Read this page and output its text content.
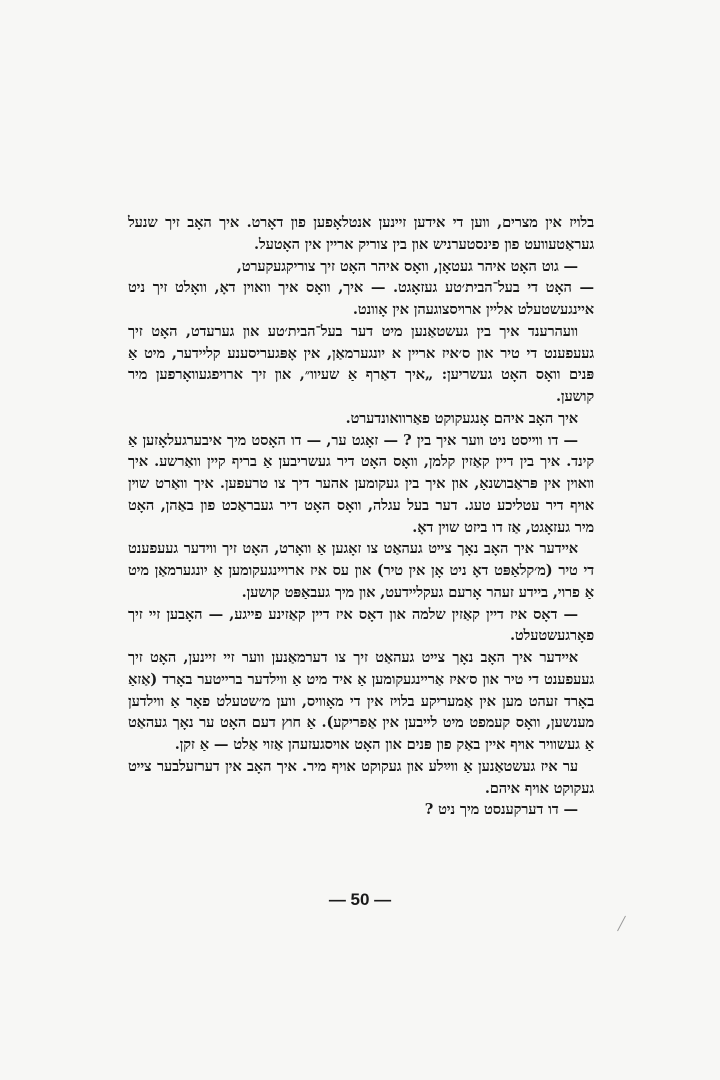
בלויז אין מצרים, ווען די אידען זיינען אנטלאָפען פון דאָרט. איך האָב זיך שנעל געראַטעוועט פון פינסטערניש און בין צוריק אריין אין האָטעל.

— גוט האָט איהר געטאָן, וואָס איהר האָט זיך צוריקגעקערט,

— האָט די בעל־הבית׳טע געזאָגט. — איך, וואָס איך וואוין דאָ, וואָלט זיך ניט איינגעשטעלט אליין ארויסצוגעהן אין אָוונט.

וועהרענד איך בין געשטאַנען מיט דער בעל־הבית׳טע און גערעדט, האָט זיך געעפענט די טיר און ס׳איז אריין א יונגערמאַן, אין אָפּגעריסענע קלײדער, מיט אַ פּנים וואָס האָט געשריען: „איך דאַרף אַ שעיוו״, און זיך ארויפגעוואָרפען מיר קושען.

איך האָב איהם אָנגעקוקט פאַרוואונדערט.

— דו ווייסט ניט ווער איך בין ? — זאָגט ער, — דו האָסט מיך איבערגעלאָזען אַ קינד. איך בין דיין קאַזין קלמן, וואָס האָט דיר געשריבען אַ בריף קיין וואַרשע. איך וואוין אין פּראַבושנאַ, און איך בין געקומען אהער דיך צו טרעפען. איך וואַרט שוין אויף דיר עטליכע טעג. דער בעל עגלה, וואָס האָט דיר געבראַכט פון באַהן, האָט מיר געזאָגט, אַז דו ביזט שוין דאָ.

אײדער איך האָב נאָך צייט געהאַט צו זאָגען אַ וואָרט, האָט זיך ווידער געעפענט די טיר (מ׳קלאַפּט דאָ ניט אָן אין טיר) און עס איז ארויינגעקומען אַ יונגערמאַן מיט אַ פרוי, ביידע זעהר אָרעם געקליידעט, און מיך געבאַפּט קושען.

— דאָס איז דיין קאַזין שלמה און דאָס איז דיין קאַזינע פייגע, — האָבען זיי זיך פאָרגעשטעלט.

אײדער איך האָב נאָך צייט געהאַט זיך צו דערמאַנען ווער זיי זיינען, האָט זיך געעפענט די טיר און ס׳איז אַריינגעקומען אַ איד מיט אַ ווילדער ברייטער באָרד (אַזאַ באָרד זעהט מען אין אַמעריקע בלויז אין די מאָוויס, ווען מ׳שטעלט פאָר אַ ווילדען מענשען, וואָס קעמפט מיט לייבען אין אַפריקע). אַ חוץ דעם האָט ער נאָך געהאַט אַ געשוויר אויף איין באַק פון פּנים און האָט אויסגעזעהן אַזוי אַלט — אַ זקן.

ער איז געשטאַנען אַ ווײַלע און געקוקט אויף מיר. איך האָב אין דערזעלבער צייט געקוקט אויף איהם.

— דו דערקענסט מיך ניט ?

— 50 —
